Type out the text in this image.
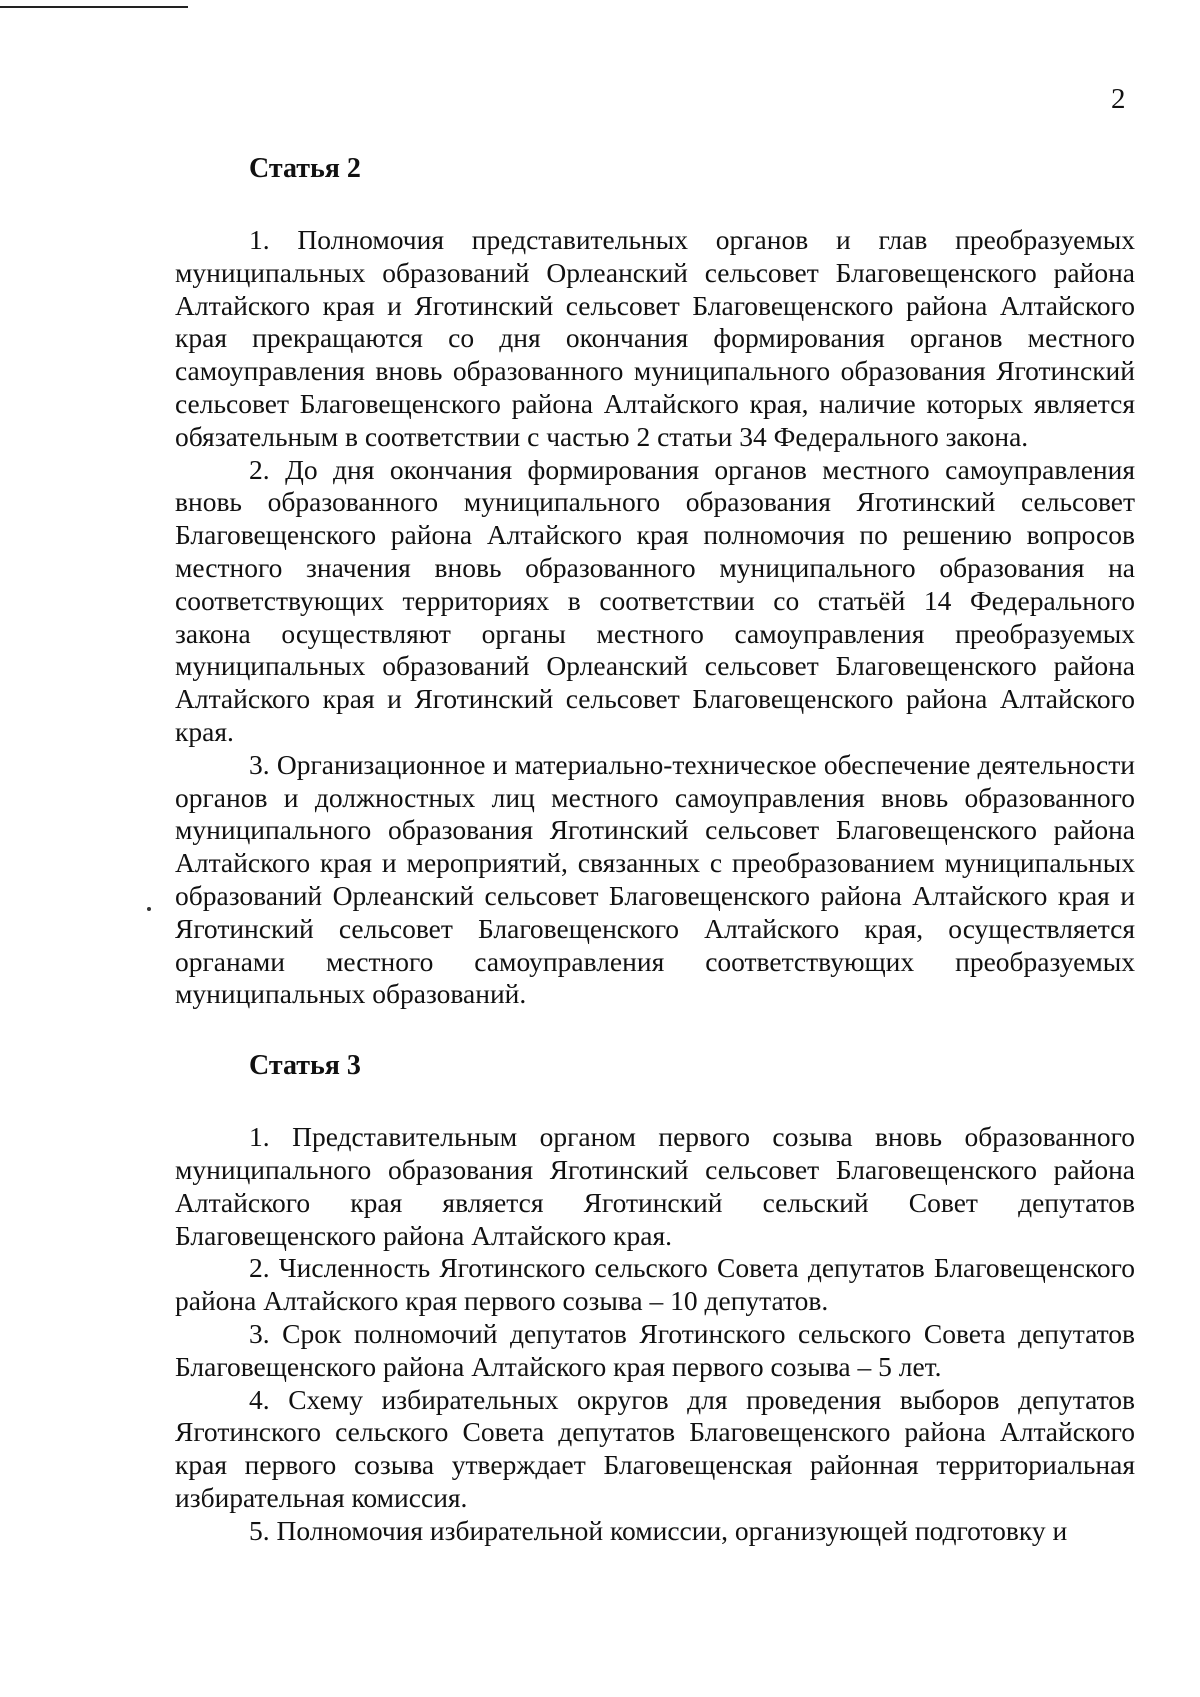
2
Статья 2

1. Полномочия представительных органов и глав преобразуемых муниципальных образований Орлеанский сельсовет Благовещенского района Алтайского края и Яготинский сельсовет Благовещенского района Алтайского края прекращаются со дня окончания формирования органов местного самоуправления вновь образованного муниципального образования Яготинский сельсовет Благовещенского района Алтайского края, наличие которых является обязательным в соответствии с частью 2 статьи 34 Федерального закона.

2. До дня окончания формирования органов местного самоуправления вновь образованного муниципального образования Яготинский сельсовет Благовещенского района Алтайского края полномочия по решению вопросов местного значения вновь образованного муниципального образования на соответствующих территориях в соответствии со статьёй 14 Федерального закона осуществляют органы местного самоуправления преобразуемых муниципальных образований Орлеанский сельсовет Благовещенского района Алтайского края и Яготинский сельсовет Благовещенского района Алтайского края.

3. Организационное и материально-техническое обеспечение деятельности органов и должностных лиц местного самоуправления вновь образованного муниципального образования Яготинский сельсовет Благовещенского района Алтайского края и мероприятий, связанных с преобразованием муниципальных образований Орлеанский сельсовет Благовещенского района Алтайского края и Яготинский сельсовет Благовещенского Алтайского края, осуществляется органами местного самоуправления соответствующих преобразуемых муниципальных образований.

Статья 3

1. Представительным органом первого созыва вновь образованного муниципального образования Яготинский сельсовет Благовещенского района Алтайского края является Яготинский сельский Совет депутатов Благовещенского района Алтайского края.

2. Численность Яготинского сельского Совета депутатов Благовещенского района Алтайского края первого созыва – 10 депутатов.

3. Срок полномочий депутатов Яготинского сельского Совета депутатов Благовещенского района Алтайского края первого созыва – 5 лет.

4. Схему избирательных округов для проведения выборов депутатов Яготинского сельского Совета депутатов Благовещенского района Алтайского края первого созыва утверждает Благовещенская районная территориальная избирательная комиссия.

5. Полномочия избирательной комиссии, организующей подготовку и
